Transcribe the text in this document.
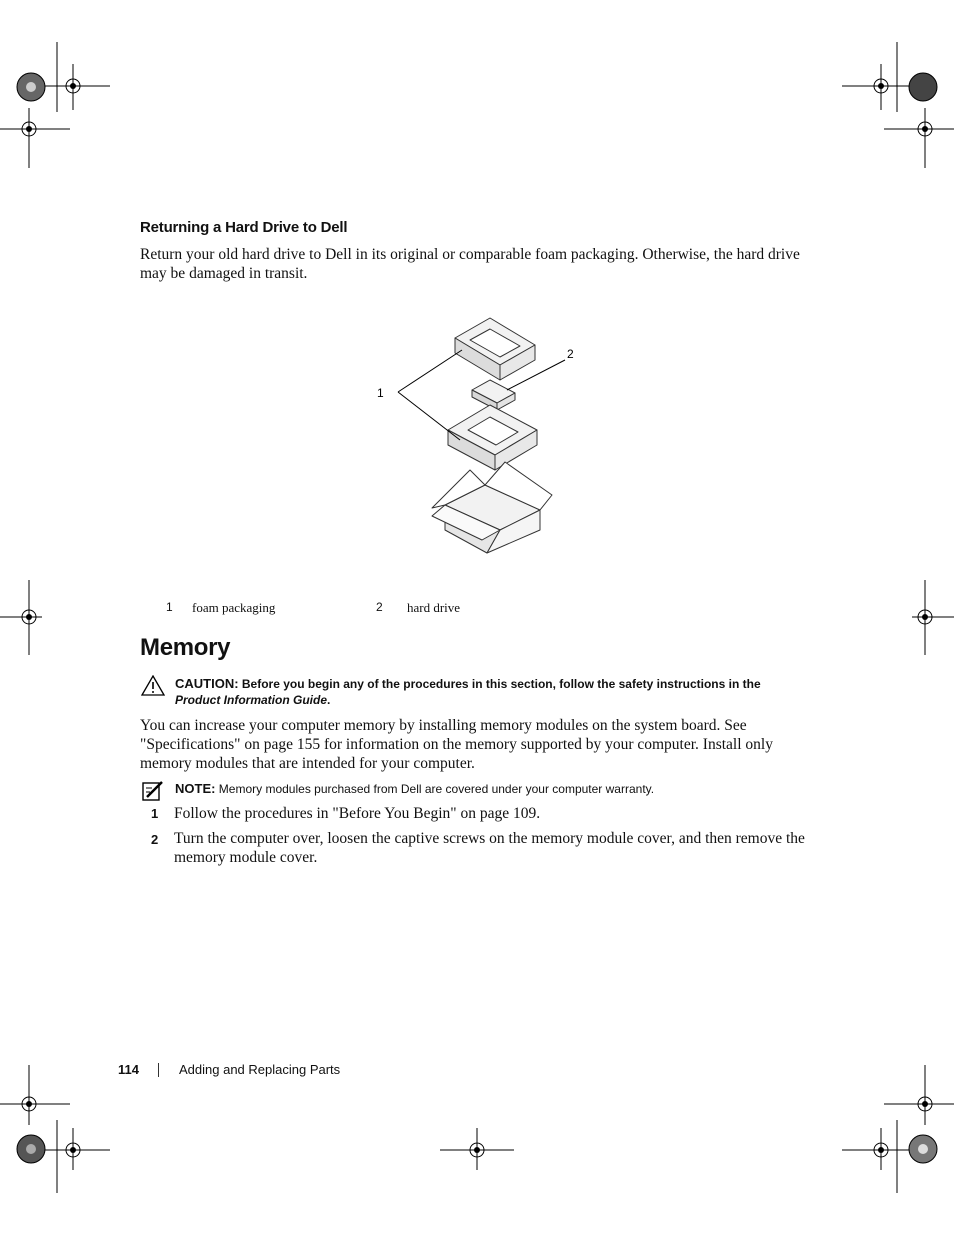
Returning a Hard Drive to Dell
Return your old hard drive to Dell in its original or comparable foam packaging. Otherwise, the hard drive may be damaged in transit.
1
2
1 foam packaging	2 hard drive
Memory
CAUTION: Before you begin any of the procedures in this section, follow the safety instructions in the
Product Information Guide.
You can increase your computer memory by installing memory modules on the system board. See "Specifications" on page 155 for information on the memory supported by your computer. Install only memory modules that are intended for your computer.
NOTE: Memory modules purchased from Dell are covered under your computer warranty.
1 Follow the procedures in "Before You Begin" on page 109.
2 Turn the computer over, loosen the captive screws on the memory module cover, and then remove the memory module cover.
114	Adding and Replacing Parts
